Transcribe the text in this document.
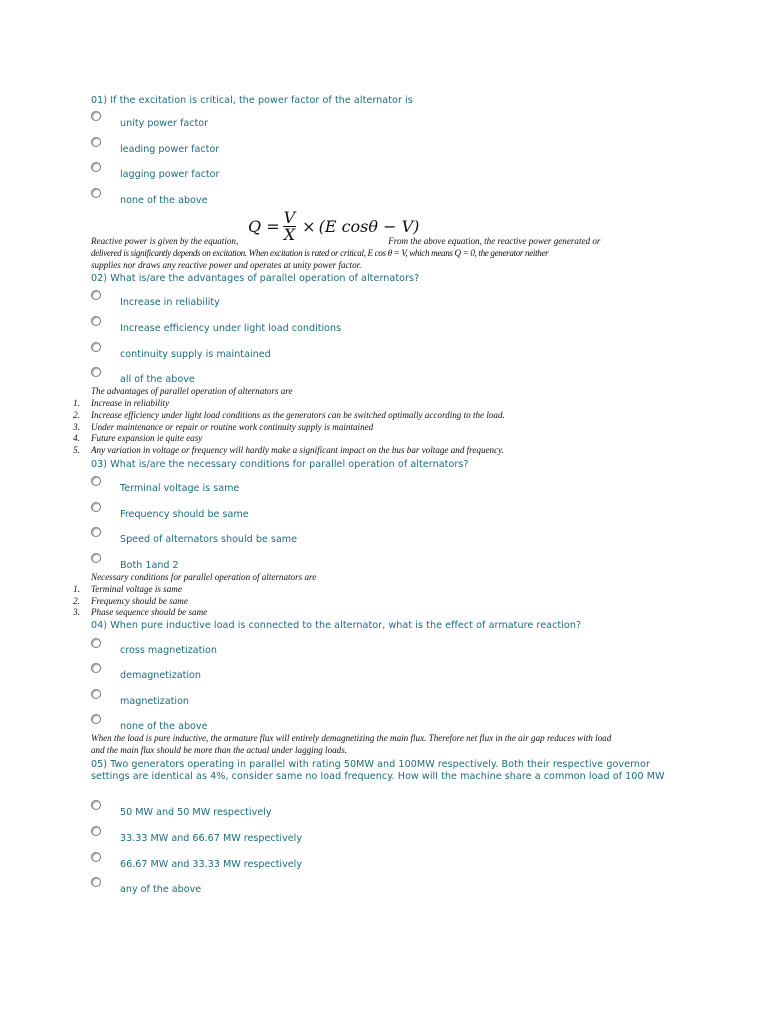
01) If the excitation is critical, the power factor of the alternator is
unity power factor
leading power factor
lagging power factor
none of the above
$Q = \frac{V}{X} \times (E$ cosθ − V)
Reactive power is given by the equation,	From the above equation, the reactive power generated or
delivered is significantly depends on excitation. When excitation is rated or critical, E cos θ = V, which means Q = 0, the generator neither
supplies nor draws any reactive power and operates at unity power factor.
02) What is/are the advantages of parallel operation of alternators?
Increase in reliability
Increase efficiency under light load conditions
continuity supply is maintained
all of the above
The advantages of parallel operation of alternators are
1. Increase in reliability
2. Increase efficiency under light load conditions as the generators can be switched optimally according to the load.
3. Under maintenance or repair or routine work continuity supply is maintained
4. Future expansion ie quite easy
5. Any variation in voltage or frequency will hardly make a significant impact on the bus bar voltage and frequency.
03) What is/are the necessary conditions for parallel operation of alternators?
Terminal voltage is same
Frequency should be same
Speed of alternators should be same
Both 1and 2
Necessary conditions for parallel operation of alternators are
1. Terminal voltage is same
2. Frequency should be same
3. Phase sequence should be same
04) When pure inductive load is connected to the alternator, what is the effect of armature reaction?
cross magnetization
demagnetization
magnetization
none of the above
When the load is pure inductive, the armature flux will entirely demagnetizing the main flux. Therefore net flux in the air gap reduces with load
and the main flux should be more than the actual under lagging loads.
05) Two generators operating in parallel with rating 50MW and 100MW respectively. Both their respective governor settings are identical as 4%, consider same no load frequency. How will the machine share a common load of 100 MW
50 MW and 50 MW respectively
33.33 MW and 66.67 MW respectively
66.67 MW and 33.33 MW respectively
any of the above
